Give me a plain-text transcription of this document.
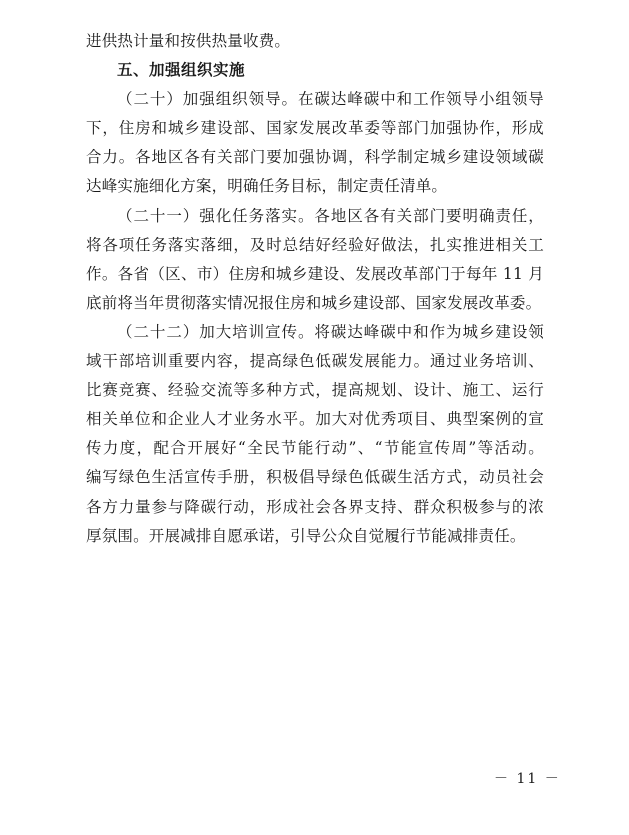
进供热计量和按供热量收费。
五、加强组织实施
（二十）加强组织领导。在碳达峰碳中和工作领导小组领导
下，住房和城乡建设部、国家发展改革委等部门加强协作，形成
合力。各地区各有关部门要加强协调，科学制定城乡建设领域碳
达峰实施细化方案，明确任务目标，制定责任清单。
（二十一）强化任务落实。各地区各有关部门要明确责任，
将各项任务落实落细，及时总结好经验好做法，扎实推进相关工
作。各省（区、市）住房和城乡建设、发展改革部门于每年 11 月
底前将当年贯彻落实情况报住房和城乡建设部、国家发展改革委。
（二十二）加大培训宣传。将碳达峰碳中和作为城乡建设领
域干部培训重要内容，提高绿色低碳发展能力。通过业务培训、
比赛竞赛、经验交流等多种方式，提高规划、设计、施工、运行
相关单位和企业人才业务水平。加大对优秀项目、典型案例的宣
传力度，配合开展好“全民节能行动”、“节能宣传周”等活动。
编写绿色生活宣传手册，积极倡导绿色低碳生活方式，动员社会
各方力量参与降碳行动，形成社会各界支持、群众积极参与的浓
厚氛围。开展减排自愿承诺，引导公众自觉履行节能减排责任。
－ 11 －
